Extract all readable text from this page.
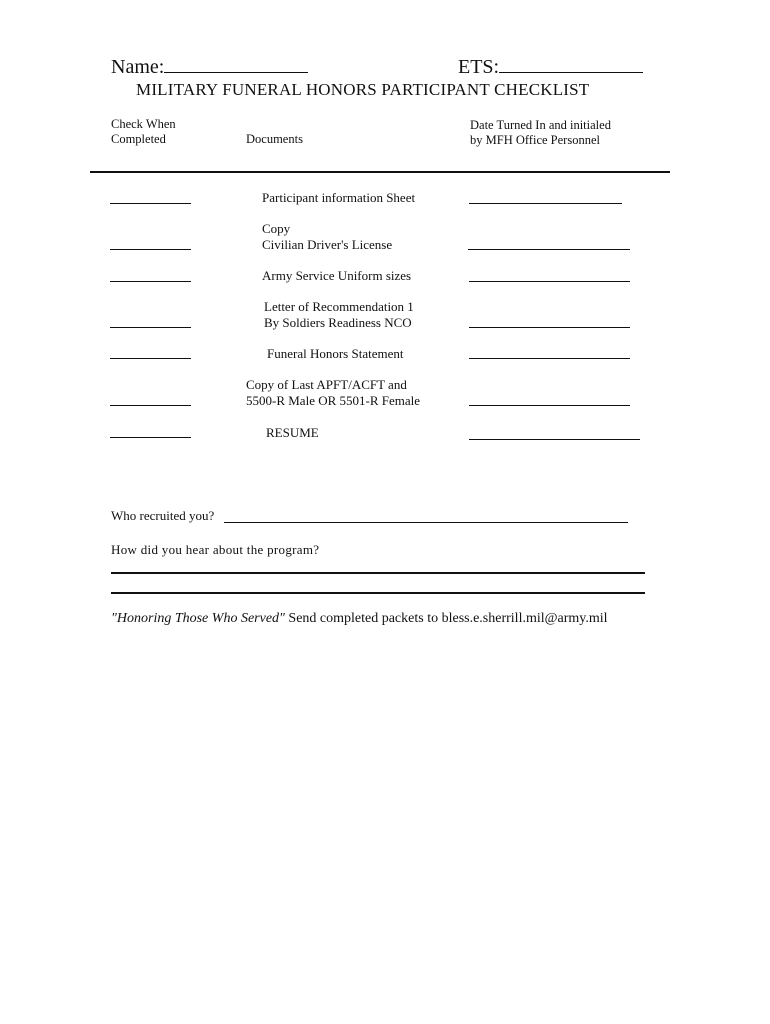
Name:	ETS:
MILITARY FUNERAL HONORS PARTICIPANT CHECKLIST
Check When
Completed	Documents
Date Turned In and initialed
by MFH Office Personnel
Participant information Sheet
Copy
Civilian Driver's License
Army Service Uniform sizes
Letter of Recommendation 1
By Soldiers Readiness NCO
Funeral Honors Statement
Copy of Last APFT/ACFT and
5500-R Male OR 5501-R Female
RESUME
Who recruited you?
How did you hear about the program?
"Honoring Those Who Served" Send completed packets to bless.e.sherrill.mil@army.mil
